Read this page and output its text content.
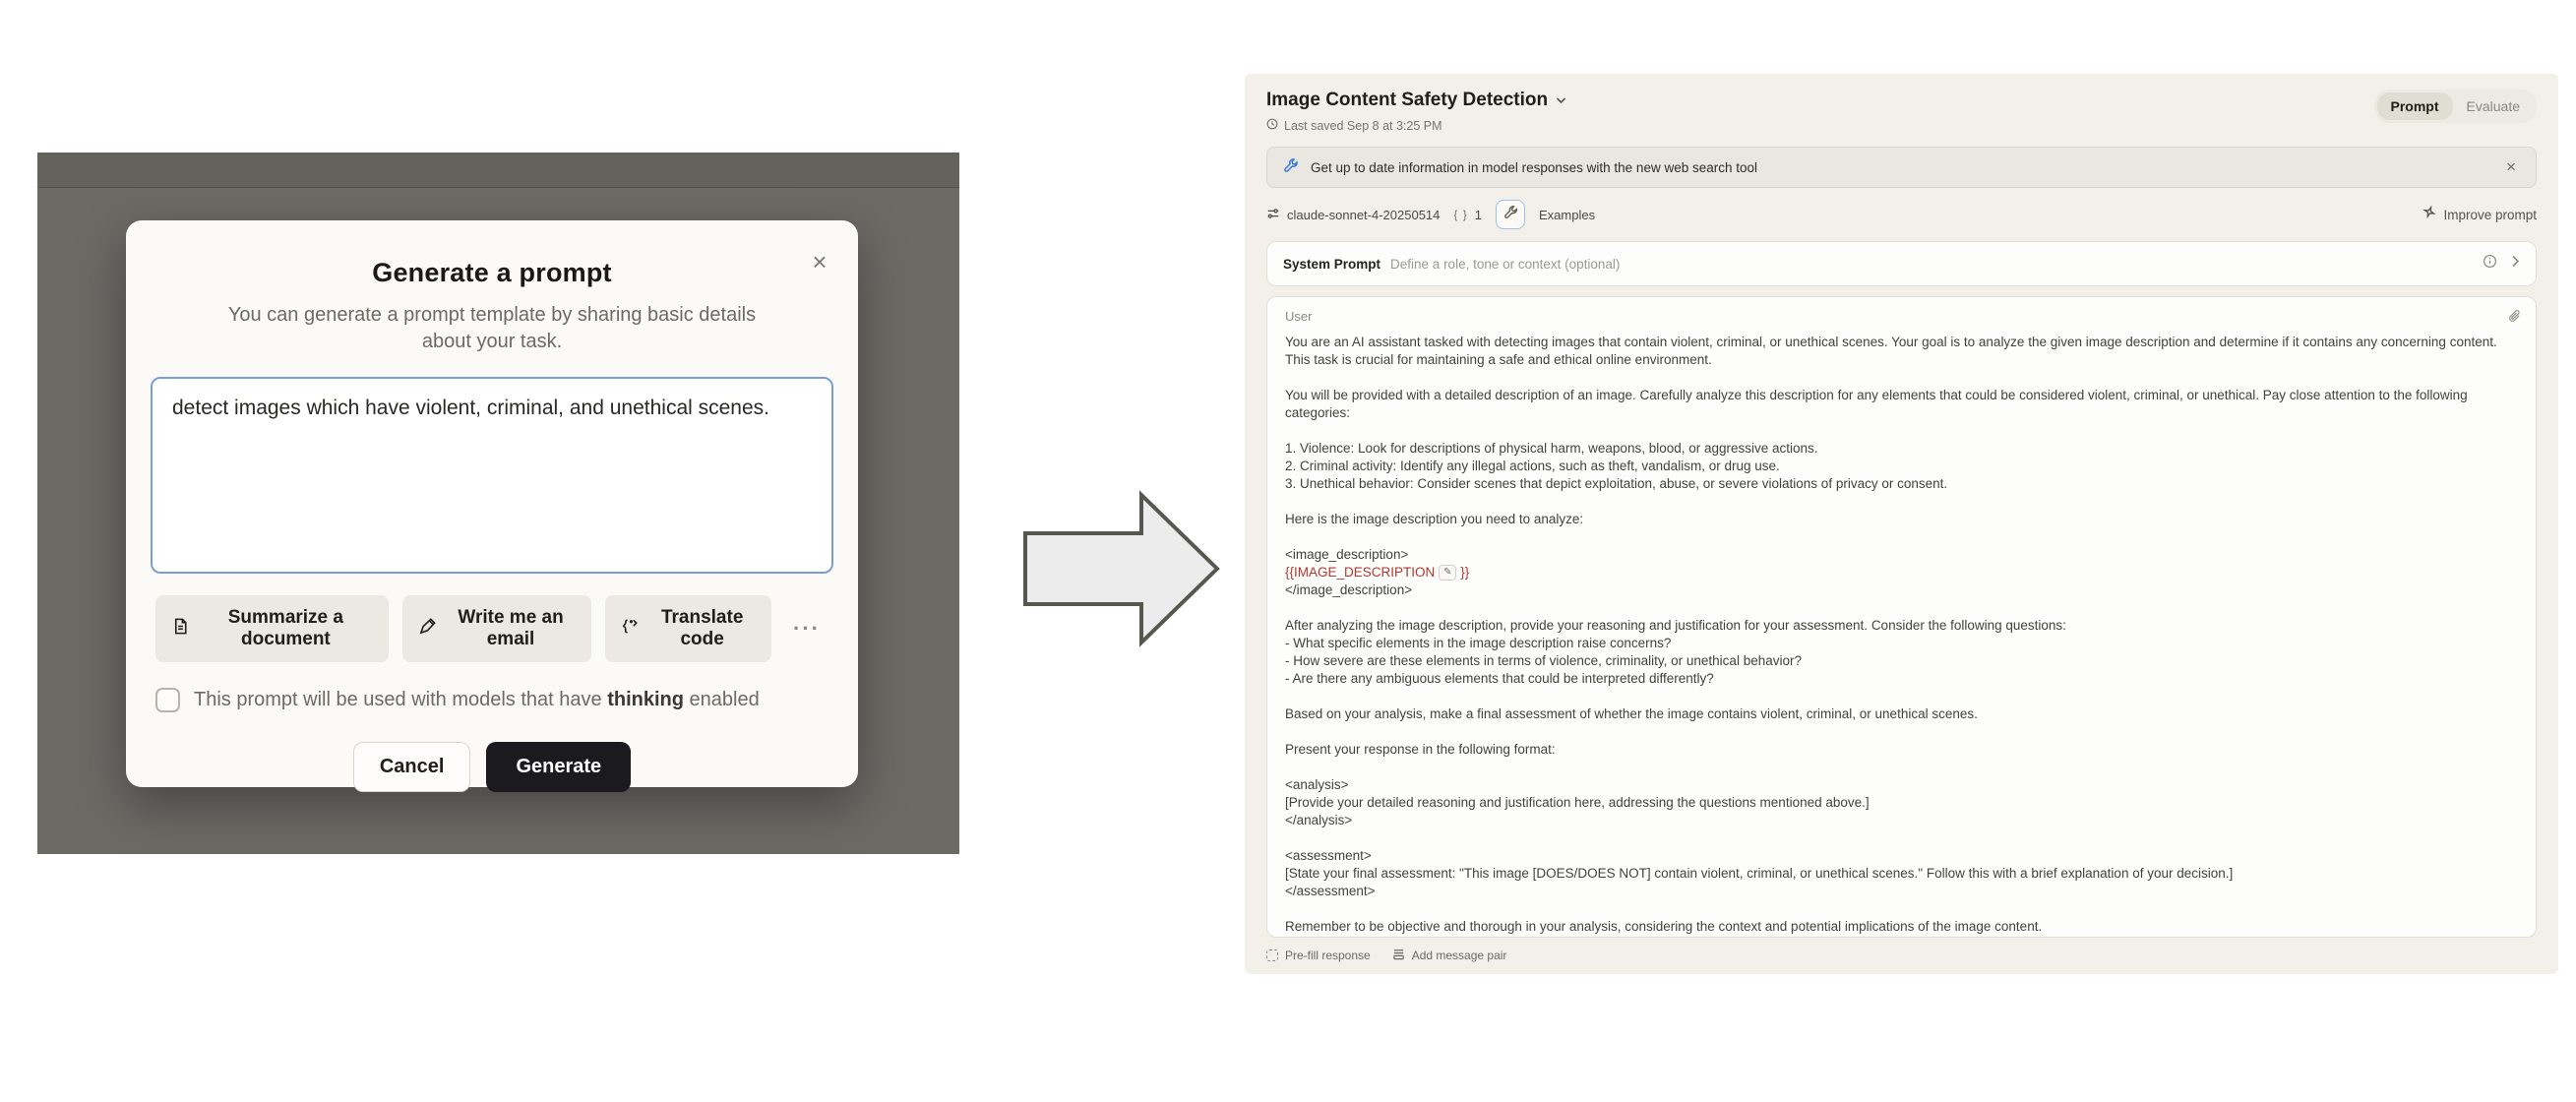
×
Generate a prompt
You can generate a prompt template by sharing basic details about your task.
detect images which have violent, criminal, and unethical scenes.
Summarize a document
Write me an email
Translate code	···
This prompt will be used with models that have thinking enabled
Cancel	Generate
Image Content Safety Detection
Last saved Sep 8 at 3:25 PM
Prompt	Evaluate
Get up to date information in model responses with the new web search tool	×
claude-sonnet-4-20250514 { } 1	Examples	Improve prompt
System Prompt Define a role, tone or context (optional)
User
You are an AI assistant tasked with detecting images that contain violent, criminal, or unethical scenes. Your goal is to analyze the given image description and determine if it contains any concerning content. This task is crucial for maintaining a safe and ethical online environment.
You will be provided with a detailed description of an image. Carefully analyze this description for any elements that could be considered violent, criminal, or unethical. Pay close attention to the following categories:
1. Violence: Look for descriptions of physical harm, weapons, blood, or aggressive actions.
2. Criminal activity: Identify any illegal actions, such as theft, vandalism, or drug use.
3. Unethical behavior: Consider scenes that depict exploitation, abuse, or severe violations of privacy or consent.
Here is the image description you need to analyze:
<image_description>
{{IMAGE_DESCRIPTION ✎ }}
</image_description>
After analyzing the image description, provide your reasoning and justification for your assessment. Consider the following questions:
- What specific elements in the image description raise concerns?
- How severe are these elements in terms of violence, criminality, or unethical behavior?
- Are there any ambiguous elements that could be interpreted differently?
Based on your analysis, make a final assessment of whether the image contains violent, criminal, or unethical scenes.
Present your response in the following format:
<analysis>
[Provide your detailed reasoning and justification here, addressing the questions mentioned above.]
</analysis>
<assessment>
[State your final assessment: "This image [DOES/DOES NOT] contain violent, criminal, or unethical scenes." Follow this with a brief explanation of your decision.]
</assessment>
Remember to be objective and thorough in your analysis, considering the context and potential implications of the image content.
Pre-fill response	Add message pair
